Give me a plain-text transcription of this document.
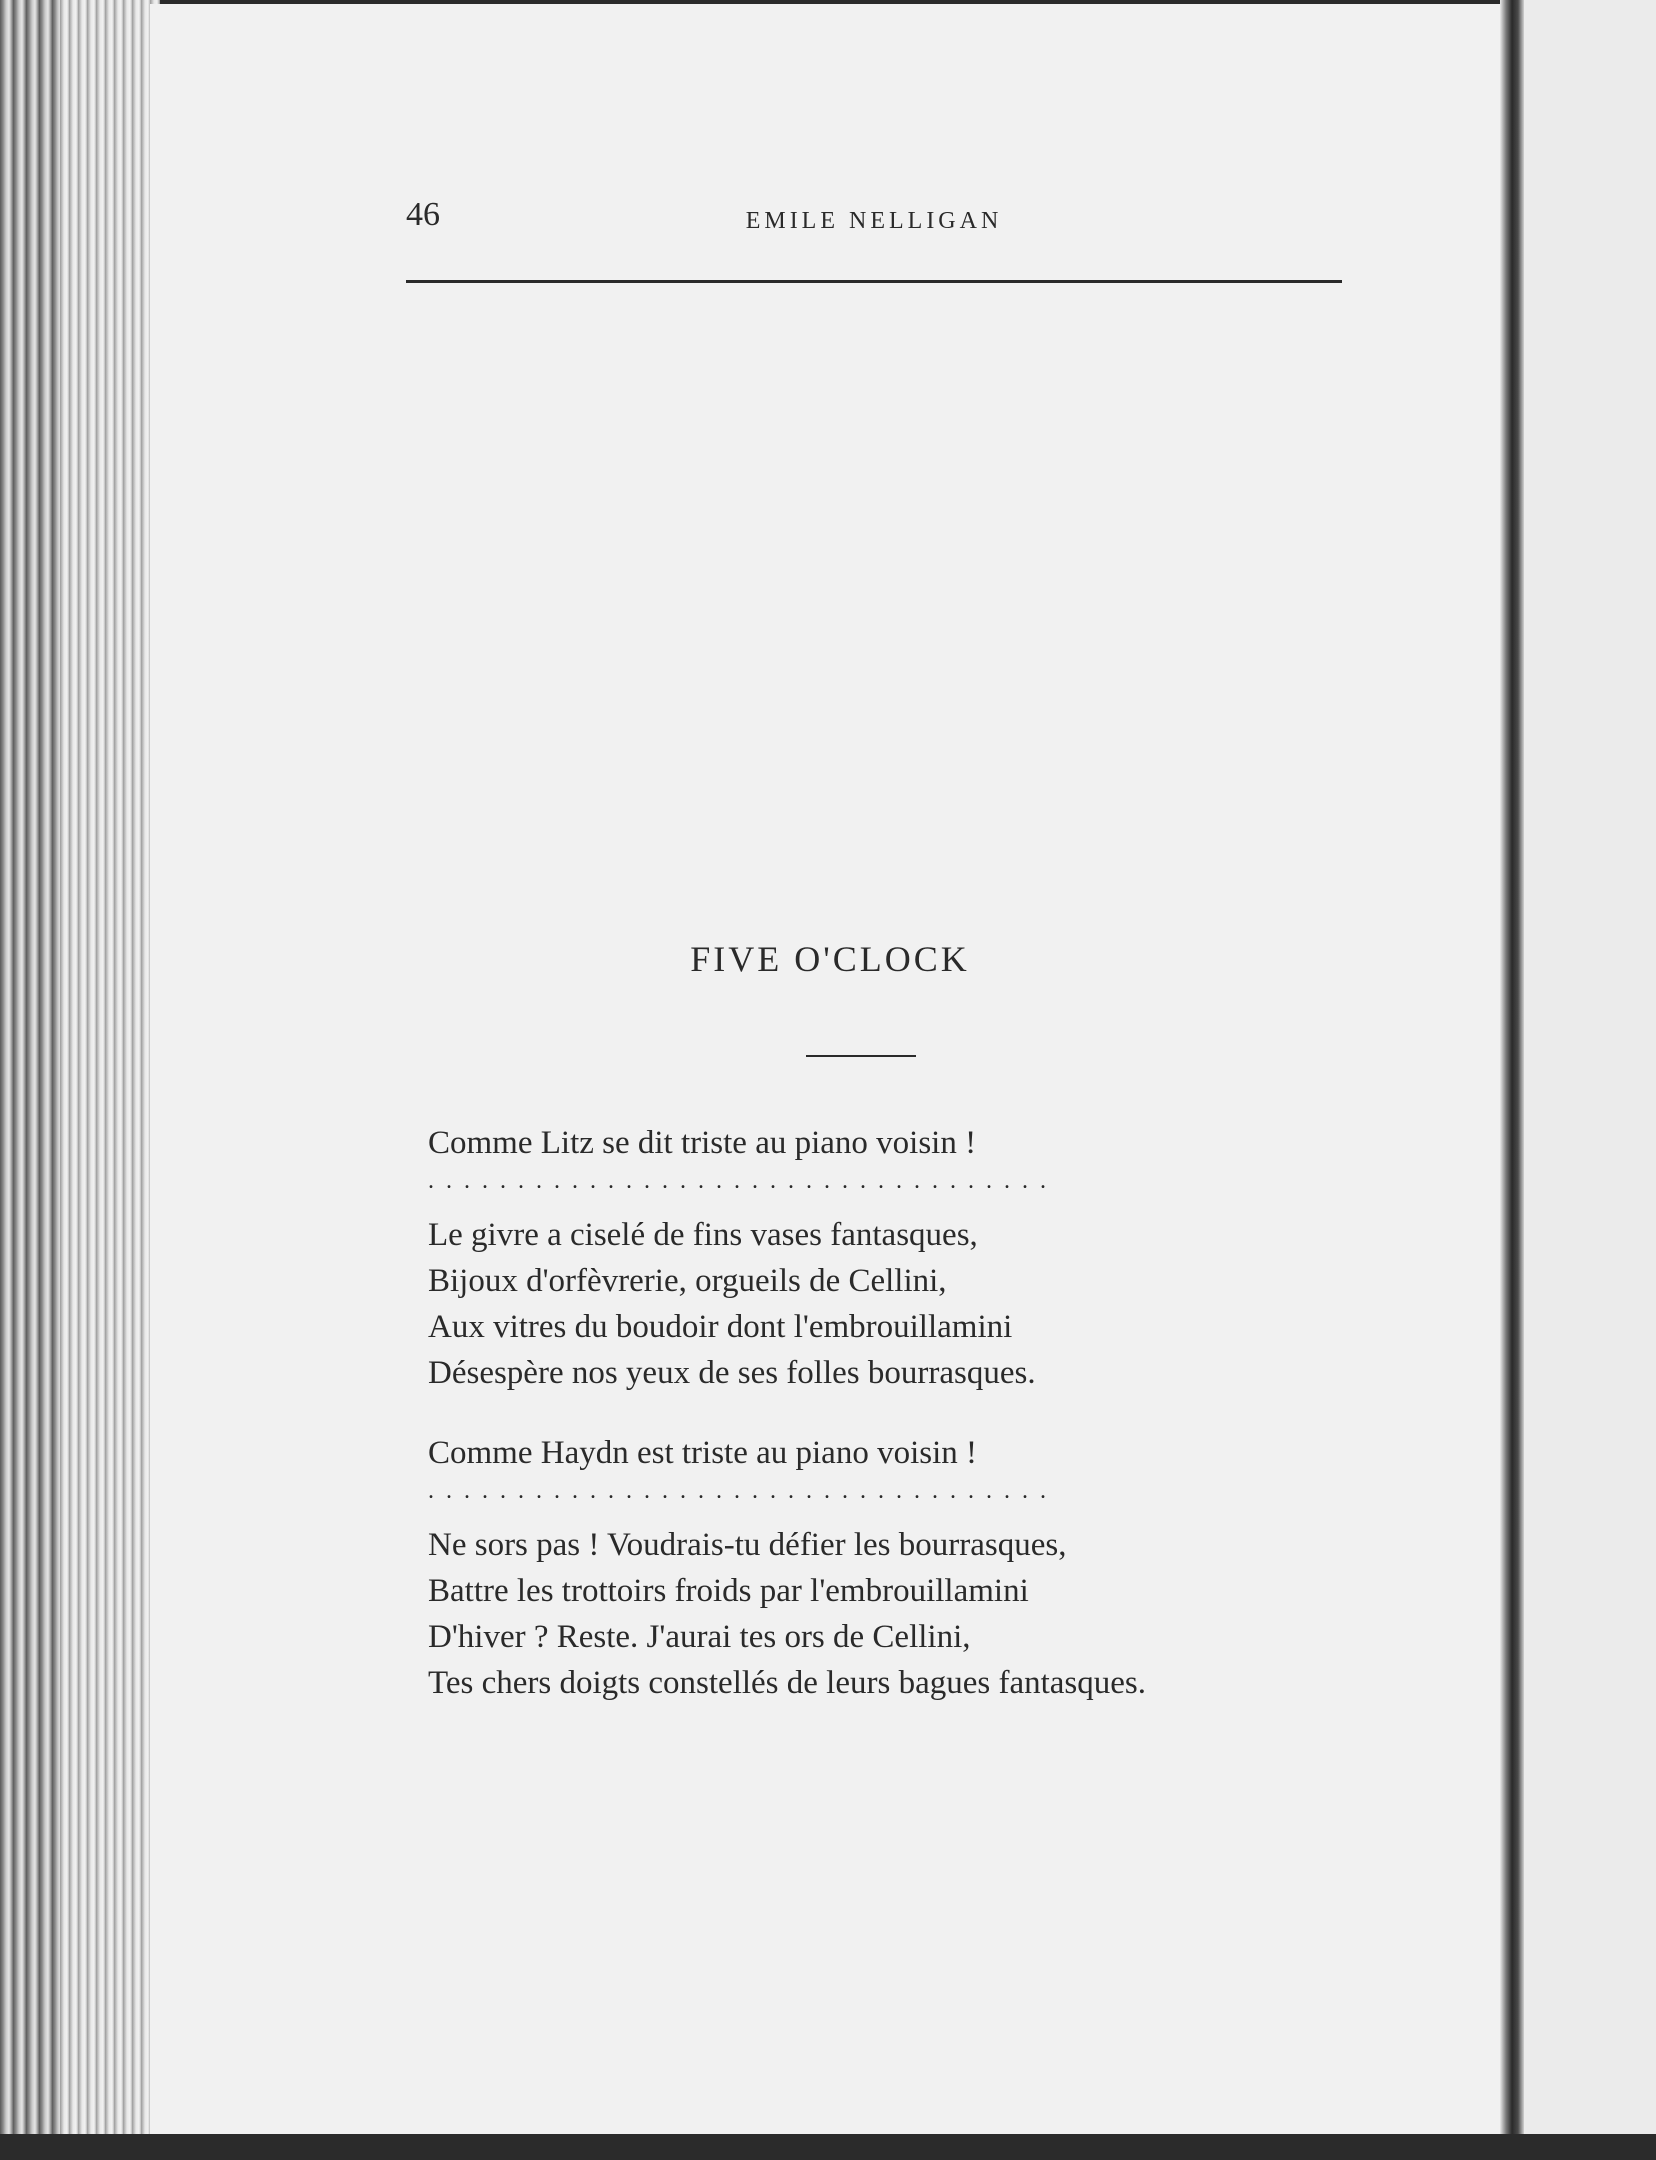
46	EMILE NELLIGAN
FIVE O'CLOCK
Comme Litz se dit triste au piano voisin !
...................................
Le givre a ciselé de fins vases fantasques,
Bijoux d'orfèvrerie, orgueils de Cellini,
Aux vitres du boudoir dont l'embrouillamini
Désespère nos yeux de ses folles bourrasques.
Comme Haydn est triste au piano voisin !
...................................
Ne sors pas ! Voudrais-tu défier les bourrasques,
Battre les trottoirs froids par l'embrouillamini
D'hiver ? Reste. J'aurai tes ors de Cellini,
Tes chers doigts constellés de leurs bagues fantasques.
